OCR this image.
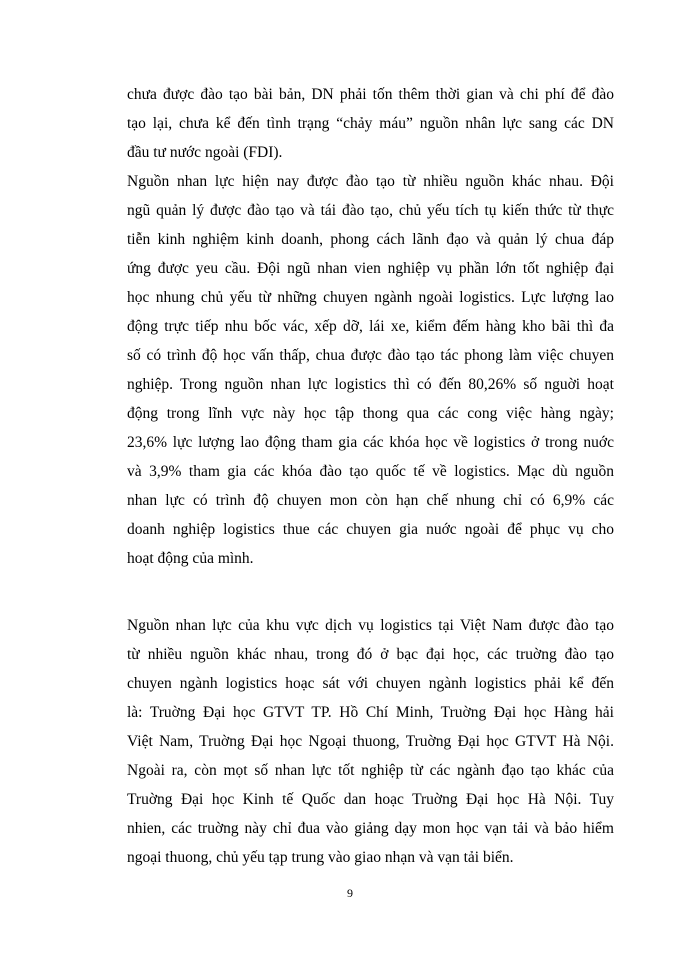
chưa được đào tạo bài bản, DN phải tốn thêm thời gian và chi phí để đào
tạo lại, chưa kể đến tình trạng “chảy máu” nguồn nhân lực sang các DN
đầu tư nước ngoài (FDI).
Nguồn nhan lực hiện nay được đào tạo từ nhiều nguồn khác nhau. Đội
ngũ quản lý được đào tạo và tái đào tạo, chủ yếu tích tụ kiến thức từ thực
tiễn kinh nghiệm kinh doanh, phong cách lãnh đạo và quản lý chua đáp
ứng được yeu cầu. Đội ngũ nhan vien nghiệp vụ phần lớn tốt nghiệp đại
học nhung chủ yếu từ những chuyen ngành ngoài logistics. Lực lượng lao
động trực tiếp nhu bốc vác, xếp dỡ, lái xe, kiểm đếm hàng kho bãi thì đa
số có trình độ học vấn thấp, chua được đào tạo tác phong làm việc chuyen
nghiệp. Trong nguồn nhan lực logistics thì có đến 80,26% số nguời hoạt
động trong lĩnh vực này học tập thong qua các cong việc hàng ngày;
23,6% lực lượng lao động tham gia các khóa học về logistics ở trong nuớc
và 3,9% tham gia các khóa đào tạo quốc tế về logistics. Mạc dù nguồn
nhan lực có trình độ chuyen mon còn hạn chế nhung chỉ có 6,9% các
doanh nghiệp logistics thue các chuyen gia nuớc ngoài để phục vụ cho
hoạt động của mình.
Nguồn nhan lực của khu vực dịch vụ logistics tại Việt Nam được đào tạo
từ nhiều nguồn khác nhau, trong đó ở bạc đại học, các truờng đào tạo
chuyen ngành logistics hoạc sát với chuyen ngành logistics phải kể đến
là: Truờng Đại học GTVT TP. Hồ Chí Minh, Truờng Đại học Hàng hải
Việt Nam, Truờng Đại học Ngoại thuong, Truờng Đại học GTVT Hà Nội.
Ngoài ra, còn mọt số nhan lực tốt nghiệp từ các ngành đạo tạo khác của
Truờng Đại học Kinh tế Quốc dan hoạc Truờng Đại học Hà Nội. Tuy
nhien, các truờng này chỉ đua vào giảng dạy mon học vạn tải và bảo hiểm
ngoại thuong, chủ yếu tạp trung vào giao nhạn và vạn tải biển.
9
